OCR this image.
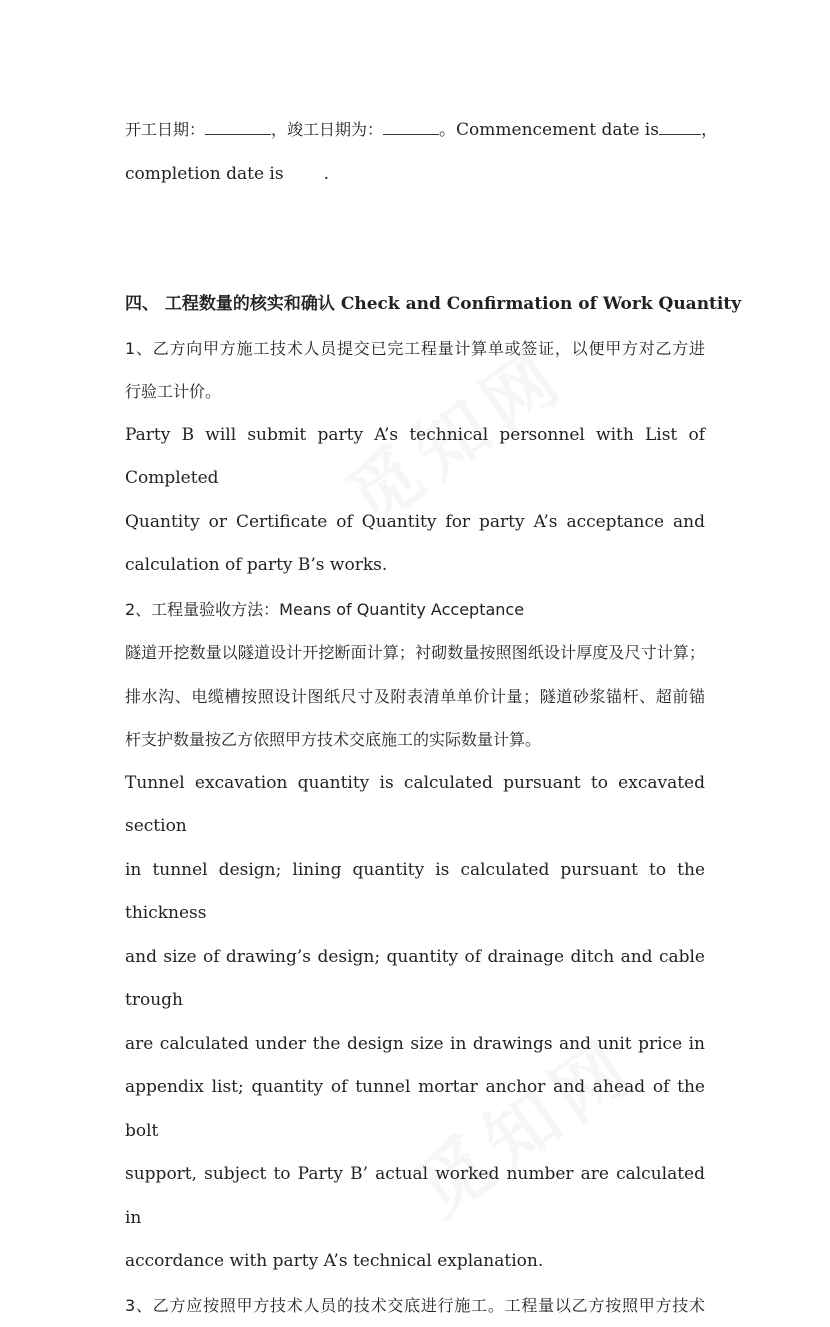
开工日期：	，竣工日期为：	。Commencement date is ，

completion date is .

四、 工程数量的核实和确认 Check and Confirmation of Work Quantity

1、乙方向甲方施工技术人员提交已完工程量计算单或签证，以便甲方对乙方进

行验工计价。

Party B will submit party A’s technical personnel with List of Completed

Quantity or Certificate of Quantity for party A’s acceptance and

calculation of party B’s works.

2、工程量验收方法：Means of Quantity Acceptance

隧道开挖数量以隧道设计开挖断面计算；衬砌数量按照图纸设计厚度及尺寸计算；

排水沟、电缆槽按照设计图纸尺寸及附表清单单价计量；隧道砂浆锚杆、超前锚

杆支护数量按乙方依照甲方技术交底施工的实际数量计算。

Tunnel excavation quantity is calculated pursuant to excavated section

in tunnel design; lining quantity is calculated pursuant to the thickness

and size of drawing’s design; quantity of drainage ditch and cable trough

are calculated under the design size in drawings and unit price in

appendix list; quantity of tunnel mortar anchor and ahead of the bolt

support, subject to Party B’ actual worked number are calculated in

accordance with party A’s technical explanation.

3、乙方应按照甲方技术人员的技术交底进行施工。工程量以乙方按照甲方技术
